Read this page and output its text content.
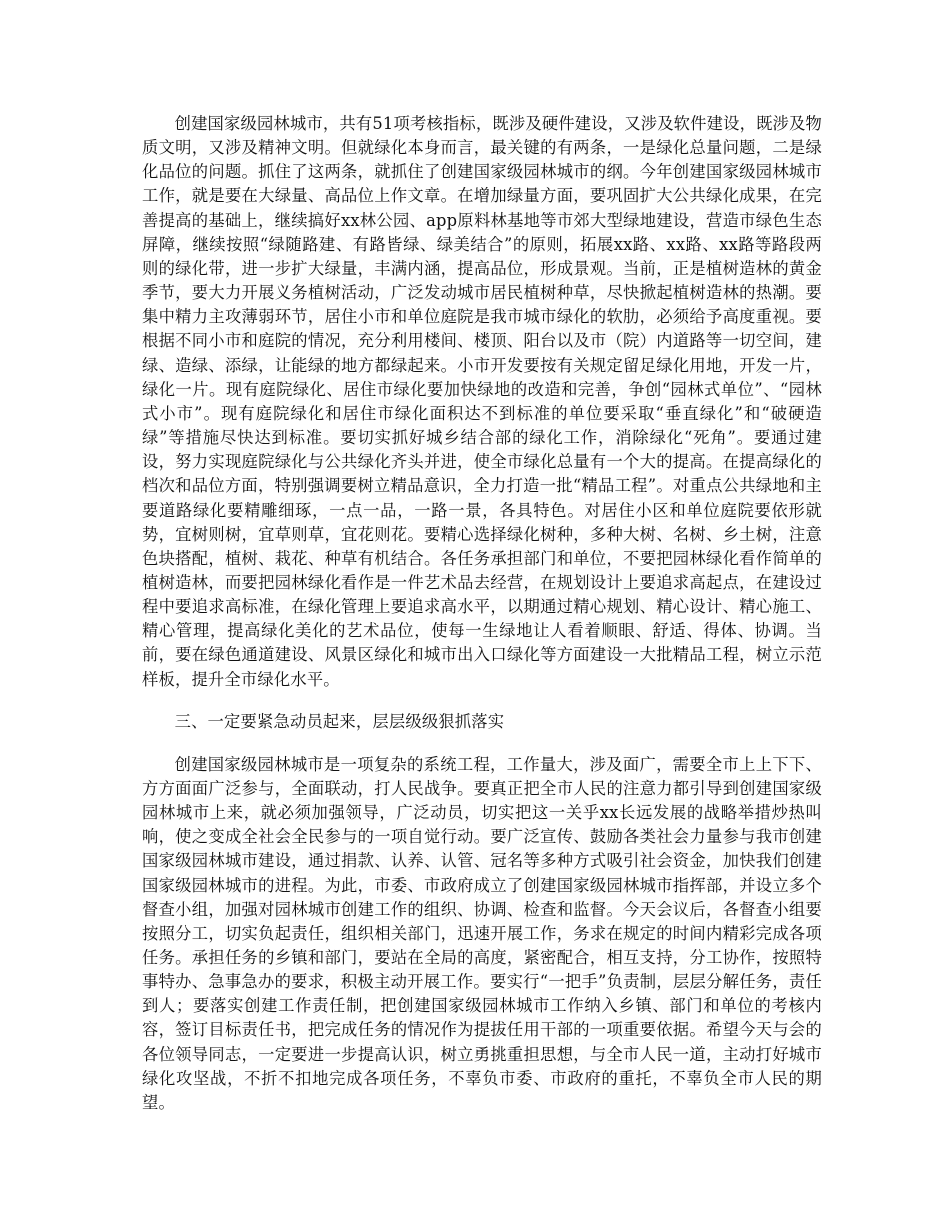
创建国家级园林城市，共有51项考核指标，既涉及硬件建设，又涉及软件建设，既涉及物质文明，又涉及精神文明。但就绿化本身而言，最关键的有两条，一是绿化总量问题，二是绿化品位的问题。抓住了这两条，就抓住了创建国家级园林城市的纲。今年创建国家级园林城市工作，就是要在大绿量、高品位上作文章。在增加绿量方面，要巩固扩大公共绿化成果，在完善提高的基础上，继续搞好xx林公园、app原料林基地等市郊大型绿地建设，营造市绿色生态屏障，继续按照“绿随路建、有路皆绿、绿美结合”的原则，拓展xx路、xx路、xx路等路段两则的绿化带，进一步扩大绿量，丰满内涵，提高品位，形成景观。当前，正是植树造林的黄金季节，要大力开展义务植树活动，广泛发动城市居民植树种草，尽快掀起植树造林的热潮。要集中精力主攻薄弱环节，居住小市和单位庭院是我市城市绿化的软肋，必须给予高度重视。要根据不同小市和庭院的情况，充分利用楼间、楼顶、阳台以及市（院）内道路等一切空间，建绿、造绿、添绿，让能绿的地方都绿起来。小市开发要按有关规定留足绿化用地，开发一片，绿化一片。现有庭院绿化、居住市绿化要加快绿地的改造和完善，争创“园林式单位”、“园林式小市”。现有庭院绿化和居住市绿化面积达不到标准的单位要采取“垂直绿化”和“破硬造绿”等措施尽快达到标准。要切实抓好城乡结合部的绿化工作，消除绿化“死角”。要通过建设，努力实现庭院绿化与公共绿化齐头并进，使全市绿化总量有一个大的提高。在提高绿化的档次和品位方面，特别强调要树立精品意识，全力打造一批“精品工程”。对重点公共绿地和主要道路绿化要精雕细琢，一点一品，一路一景，各具特色。对居住小区和单位庭院要依形就势，宜树则树，宜草则草，宜花则花。要精心选择绿化树种，多种大树、名树、乡土树，注意色块搭配，植树、栽花、种草有机结合。各任务承担部门和单位，不要把园林绿化看作简单的植树造林，而要把园林绿化看作是一件艺术品去经营，在规划设计上要追求高起点，在建设过程中要追求高标准，在绿化管理上要追求高水平，以期通过精心规划、精心设计、精心施工、精心管理，提高绿化美化的艺术品位，使每一生绿地让人看着顺眼、舒适、得体、协调。当前，要在绿色通道建设、风景区绿化和城市出入口绿化等方面建设一大批精品工程，树立示范样板，提升全市绿化水平。

三、一定要紧急动员起来，层层级级狠抓落实

创建国家级园林城市是一项复杂的系统工程，工作量大，涉及面广，需要全市上上下下、方方面面广泛参与，全面联动，打人民战争。要真正把全市人民的注意力都引导到创建国家级园林城市上来，就必须加强领导，广泛动员，切实把这一关乎xx长远发展的战略举措炒热叫响，使之变成全社会全民参与的一项自觉行动。要广泛宣传、鼓励各类社会力量参与我市创建国家级园林城市建设，通过捐款、认养、认管、冠名等多种方式吸引社会资金，加快我们创建国家级园林城市的进程。为此，市委、市政府成立了创建国家级园林城市指挥部，并设立多个督查小组，加强对园林城市创建工作的组织、协调、检查和监督。今天会议后，各督查小组要按照分工，切实负起责任，组织相关部门，迅速开展工作，务求在规定的时间内精彩完成各项任务。承担任务的乡镇和部门，要站在全局的高度，紧密配合，相互支持，分工协作，按照特事特办、急事急办的要求，积极主动开展工作。要实行“一把手”负责制，层层分解任务，责任到人；要落实创建工作责任制，把创建国家级园林城市工作纳入乡镇、部门和单位的考核内容，签订目标责任书，把完成任务的情况作为提拔任用干部的一项重要依据。希望今天与会的各位领导同志，一定要进一步提高认识，树立勇挑重担思想，与全市人民一道，主动打好城市绿化攻坚战，不折不扣地完成各项任务，不辜负市委、市政府的重托，不辜负全市人民的期望。
